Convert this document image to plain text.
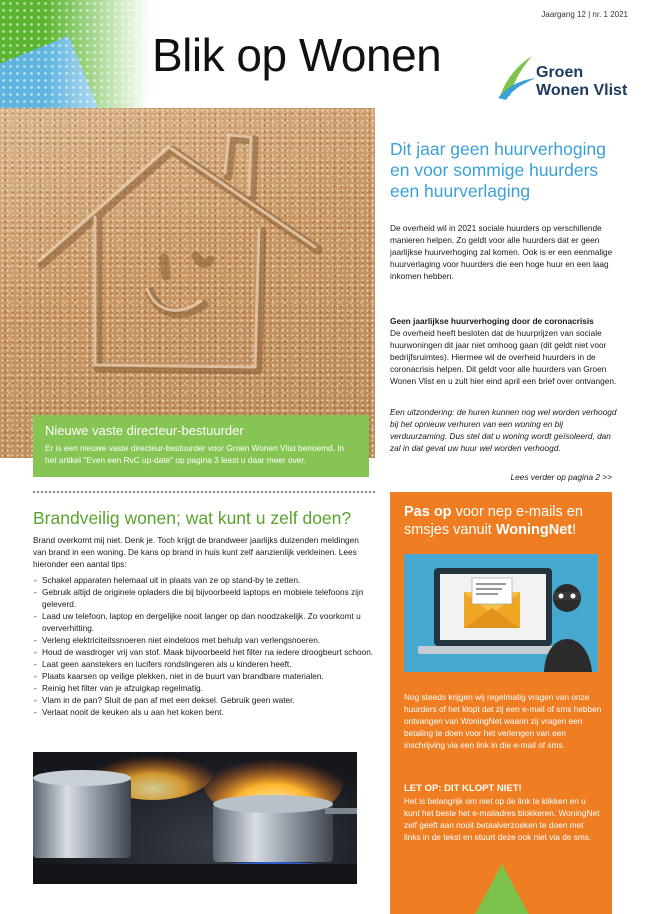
Jaargang 12 | nr. 1 2021
Blik op Wonen	Groen
Wonen Vlist
Dit jaar geen huurverhoging en voor sommige huurders een huurverlaging
De overheid wil in 2021 sociale huurders op verschillende manieren helpen. Zo geldt voor alle huurders dat er geen jaarlijkse huurverhoging zal komen. Ook is er een eenmalige huurverlaging voor huurders die een hoge huur en een laag inkomen hebben.
Geen jaarlijkse huurverhoging door de coronacrisis
De overheid heeft besloten dat de huurprijzen van sociale huurwoningen dit jaar niet omhoog gaan (dit geldt niet voor bedrijfsruimtes). Hiermee wil de overheid huurders in de coronacrisis helpen. Dit geldt voor alle huurders van Groen Wonen Vlist en u zult hier eind april een brief over ontvangen.
Een uitzondering: de huren kunnen nog wel worden verhoogd bij het opnieuw verhuren van een woning en bij verduurzaming. Dus stel dat u woning wordt geïsoleerd, dan zal in dat geval uw huur wel worden verhoogd.
Lees verder op pagina 2 >>
Nieuwe vaste directeur-bestuurder
Er is een nieuwe vaste directeur-bestuurder voor Groen Wonen Vlist benoemd. In het artikel "Even een RvC up-date" op pagina 3 leest u daar meer over.
Brandveilig wonen; wat kunt u zelf doen?
Brand overkomt mij niet. Denk je. Toch krijgt de brandweer jaarlijks duizenden meldingen van brand in een woning. De kans op brand in huis kunt zelf aanzienlijk verkleinen. Lees hieronder een aantal tips:
- Schakel apparaten helemaal uit in plaats van ze op stand-by te zetten.
- Gebruik altijd de originele opladers die bij bijvoorbeeld laptops en mobiele telefoons zijn geleverd.
- Laad uw telefoon, laptop en dergelijke nooit langer op dan noodzakelijk. Zo voorkomt u oververhitting.
- Verleng elektriciteitssnoeren niet eindeloos met behulp van verlengsnoeren.
- Houd de wasdroger vrij van stof. Maak bijvoorbeeld het filter na iedere droogbeurt schoon.
- Laat geen aanstekers en lucifers rondslingeren als u kinderen heeft.
- Plaats kaarsen op veilige plekken, niet in de buurt van brandbare materialen.
- Reinig het filter van je afzuigkap regelmatig.
- Vlam in de pan? Sluit de pan af met een deksel. Gebruik geen water.
- Verlaat nooit de keuken als u aan het koken bent.
Pas op voor nep e-mails en smsjes vanuit WoningNet!
Nog steeds krijgen wij regelmatig vragen van onze huurders of het klopt dat zij een e-mail of sms hebben ontvangen van WoningNet waarin zij vragen een betaling te doen voor het verlengen van een inschrijving via een link in die e-mail of sms.
LET OP: DIT KLOPT NIET!
Het is belangrijk om niet op de link te klikken en u kunt het beste het e-mailadres blokkeren. WoningNet zelf geeft aan nooit betaalverzoeken te doen met links in de tekst en stuurt deze ook niet via de sms.
